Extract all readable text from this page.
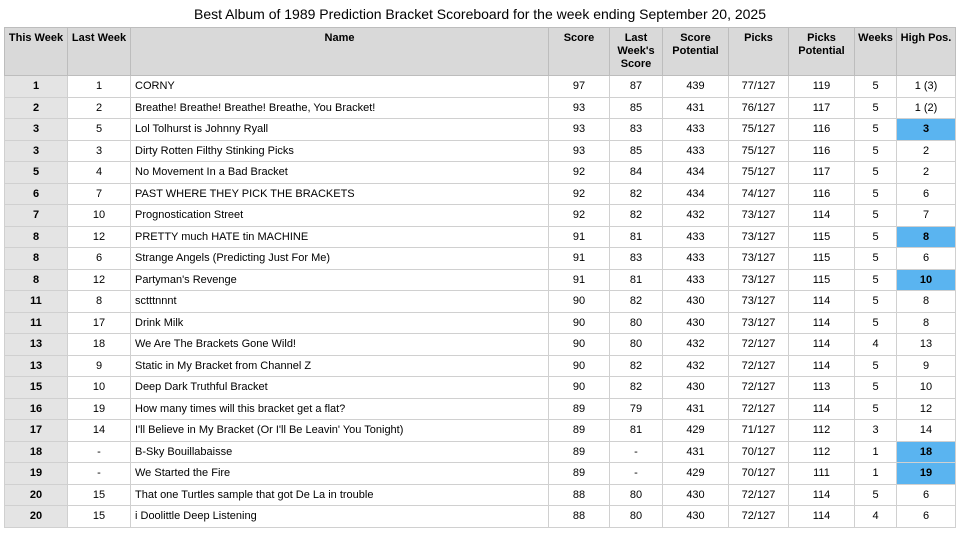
Best Album of 1989 Prediction Bracket Scoreboard for the week ending September 20, 2025
This Week	Last Week	Name	Score	Last Week's Score	Score Potential	Picks	Picks Potential	Weeks	High Pos.
1	1	CORNY	97	87	439	77/127	119	5	1 (3)
2	2	Breathe! Breathe! Breathe! Breathe, You Bracket!	93	85	431	76/127	117	5	1 (2)
3	5	Lol Tolhurst is Johnny Ryall	93	83	433	75/127	116	5	3
3	3	Dirty Rotten Filthy Stinking Picks	93	85	433	75/127	116	5	2
5	4	No Movement In a Bad Bracket	92	84	434	75/127	117	5	2
6	7	PAST WHERE THEY PICK THE BRACKETS	92	82	434	74/127	116	5	6
7	10	Prognostication Street	92	82	432	73/127	114	5	7
8	12	PRETTY much HATE tin MACHINE	91	81	433	73/127	115	5	8
8	6	Strange Angels (Predicting Just For Me)	91	83	433	73/127	115	5	6
8	12	Partyman's Revenge	91	81	433	73/127	115	5	10
11	8	sctttnnnt	90	82	430	73/127	114	5	8
11	17	Drink Milk	90	80	430	73/127	114	5	8
13	18	We Are The Brackets Gone Wild!	90	80	432	72/127	114	4	13
13	9	Static in My Bracket from Channel Z	90	82	432	72/127	114	5	9
15	10	Deep Dark Truthful Bracket	90	82	430	72/127	113	5	10
16	19	How many times will this bracket get a flat?	89	79	431	72/127	114	5	12
17	14	I'll Believe in My Bracket (Or I'll Be Leavin' You Tonight)	89	81	429	71/127	112	3	14
18	-	B-Sky Bouillabaisse	89	-	431	70/127	112	1	18
19	-	We Started the Fire	89	-	429	70/127	111	1	19
20	15	That one Turtles sample that got De La in trouble	88	80	430	72/127	114	5	6
20	15	i Doolittle Deep Listening	88	80	430	72/127	114	4	6
